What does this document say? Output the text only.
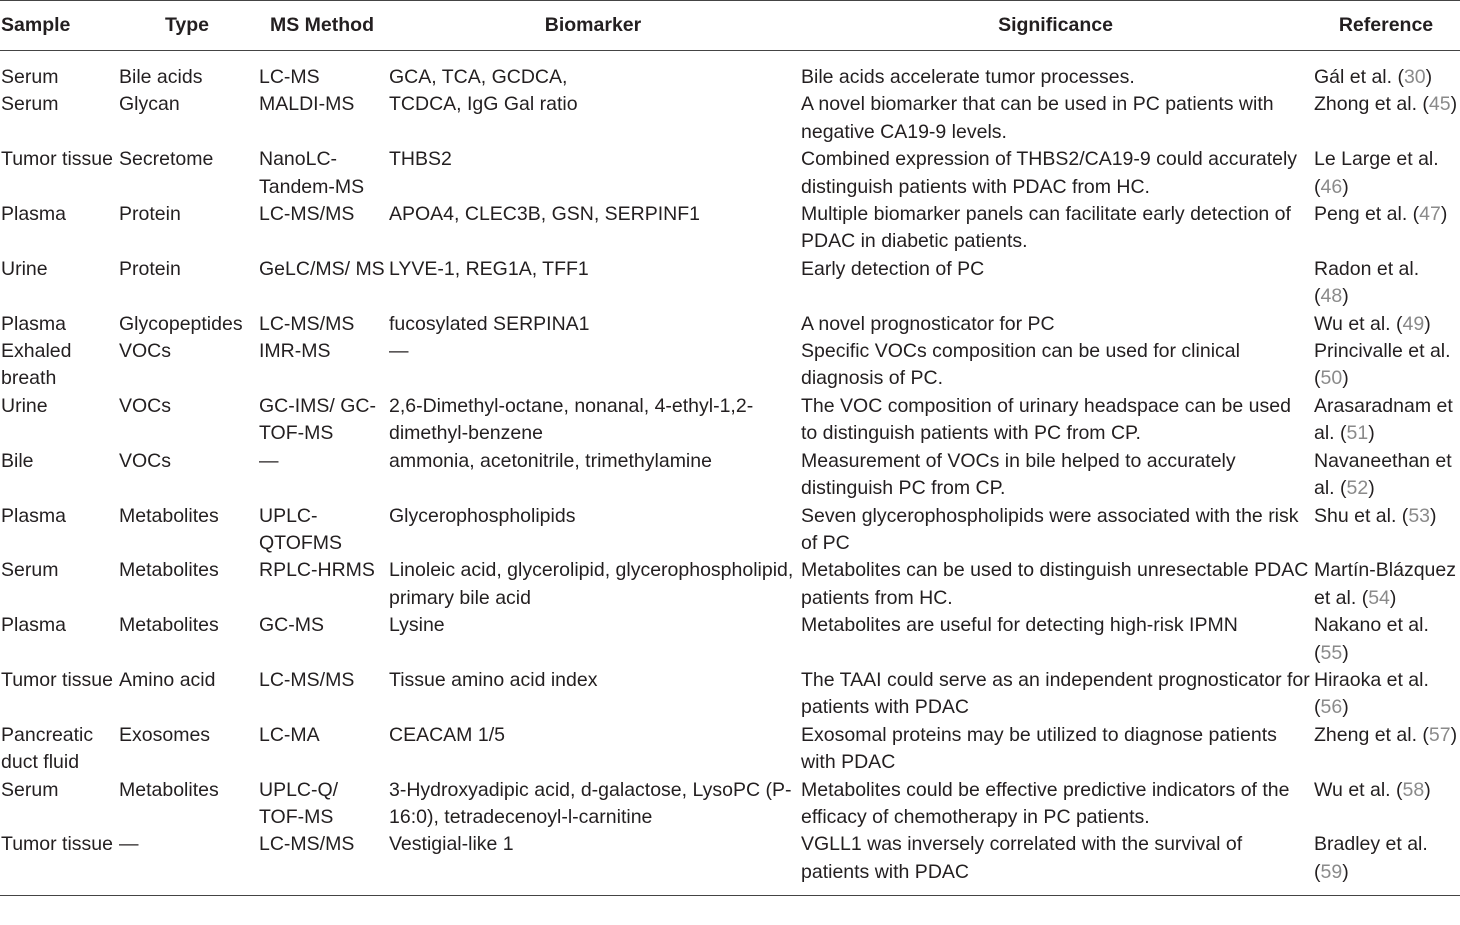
Sample	Type	MS Method	Biomarker	Significance	Reference
Serum	Bile acids	LC-MS	GCA, TCA, GCDCA,	Bile acids accelerate tumor processes.	Gál et al. (30)
Serum	Glycan	MALDI-MS	TCDCA, IgG Gal ratio	A novel biomarker that can be used in PC patients with negative CA19-9 levels.	Zhong et al. (45)
Tumor tissue	Secretome	NanoLC-Tandem-MS	THBS2	Combined expression of THBS2/CA19-9 could accurately distinguish patients with PDAC from HC.	Le Large et al. (46)
Plasma	Protein	LC-MS/MS	APOA4, CLEC3B, GSN, SERPINF1	Multiple biomarker panels can facilitate early detection of PDAC in diabetic patients.	Peng et al. (47)
Urine	Protein	GeLC/MS/ MS	LYVE-1, REG1A, TFF1	Early detection of PC	Radon et al. (48)
Plasma	Glycopeptides	LC-MS/MS	fucosylated SERPINA1	A novel prognosticator for PC	Wu et al. (49)
Exhaled breath	VOCs	IMR-MS	—	Specific VOCs composition can be used for clinical diagnosis of PC.	Princivalle et al. (50)
Urine	VOCs	GC-IMS/ GC-TOF-MS	2,6-Dimethyl-octane, nonanal, 4-ethyl-1,2-dimethyl-benzene	The VOC composition of urinary headspace can be used to distinguish patients with PC from CP.	Arasaradnam et al. (51)
Bile	VOCs	—	ammonia, acetonitrile, trimethylamine	Measurement of VOCs in bile helped to accurately distinguish PC from CP.	Navaneethan et al. (52)
Plasma	Metabolites	UPLC-QTOFMS	Glycerophospholipids	Seven glycerophospholipids were associated with the risk of PC	Shu et al. (53)
Serum	Metabolites	RPLC-HRMS	Linoleic acid, glycerolipid, glycerophospholipid, primary bile acid	Metabolites can be used to distinguish unresectable PDAC patients from HC.	Martín-Blázquez et al. (54)
Plasma	Metabolites	GC-MS	Lysine	Metabolites are useful for detecting high-risk IPMN	Nakano et al. (55)
Tumor tissue	Amino acid	LC-MS/MS	Tissue amino acid index	The TAAI could serve as an independent prognosticator for patients with PDAC	Hiraoka et al. (56)
Pancreatic duct fluid	Exosomes	LC-MA	CEACAM 1/5	Exosomal proteins may be utilized to diagnose patients with PDAC	Zheng et al. (57)
Serum	Metabolites	UPLC-Q/ TOF-MS	3-Hydroxyadipic acid, d-galactose, LysoPC (P-16:0), tetradecenoyl-l-carnitine	Metabolites could be effective predictive indicators of the efficacy of chemotherapy in PC patients.	Wu et al. (58)
Tumor tissue	—	LC-MS/MS	Vestigial-like 1	VGLL1 was inversely correlated with the survival of patients with PDAC	Bradley et al. (59)
